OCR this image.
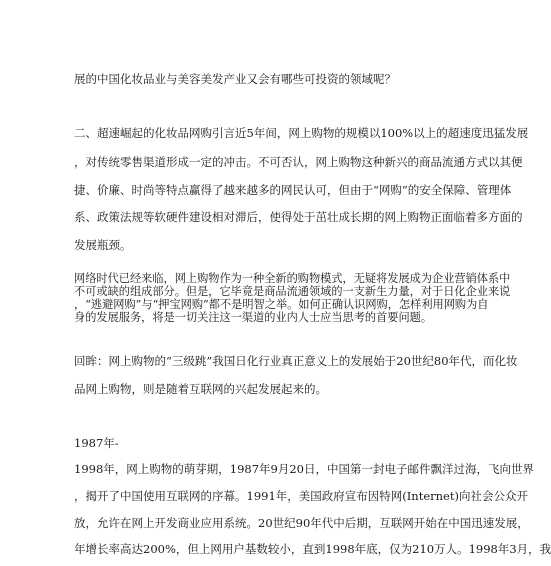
展的中国化妆品业与美容美发产业又会有哪些可投资的领域呢？
二、超速崛起的化妆品网购引言近5年间，网上购物的规模以100%以上的超速度迅猛发展
，对传统零售渠道形成一定的冲击。不可否认，网上购物这种新兴的商品流通方式以其便
捷、价廉、时尚等特点赢得了越来越多的网民认可，但由于“网购”的安全保障、管理体
系、政策法规等软硬件建设相对滞后，使得处于茁壮成长期的网上购物正面临着多方面的
发展瓶颈。
网络时代已经来临，网上购物作为一种全新的购物模式，无疑将发展成为企业营销体系中
不可或缺的组成部分。但是，它毕竟是商品流通领域的一支新生力量，对于日化企业来说
，“逃避网购”与“押宝网购”都不是明智之举。如何正确认识网购，怎样利用网购为自
身的发展服务，将是一切关注这一渠道的业内人士应当思考的首要问题。
回眸：网上购物的“三级跳”我国日化行业真正意义上的发展始于20世纪80年代，而化妆
品网上购物，则是随着互联网的兴起发展起来的。
1987年-
1998年，网上购物的萌芽期，1987年9月20日，中国第一封电子邮件飘洋过海，飞向世界
，揭开了中国使用互联网的序幕。1991年，美国政府宣布因特网(Internet)向社会公众开
放，允许在网上开发商业应用系统。20世纪90年代中后期，互联网开始在中国迅速发展，
年增长率高达200%，但上网用户基数较小，直到1998年底，仅为210万人。1998年3月，我
